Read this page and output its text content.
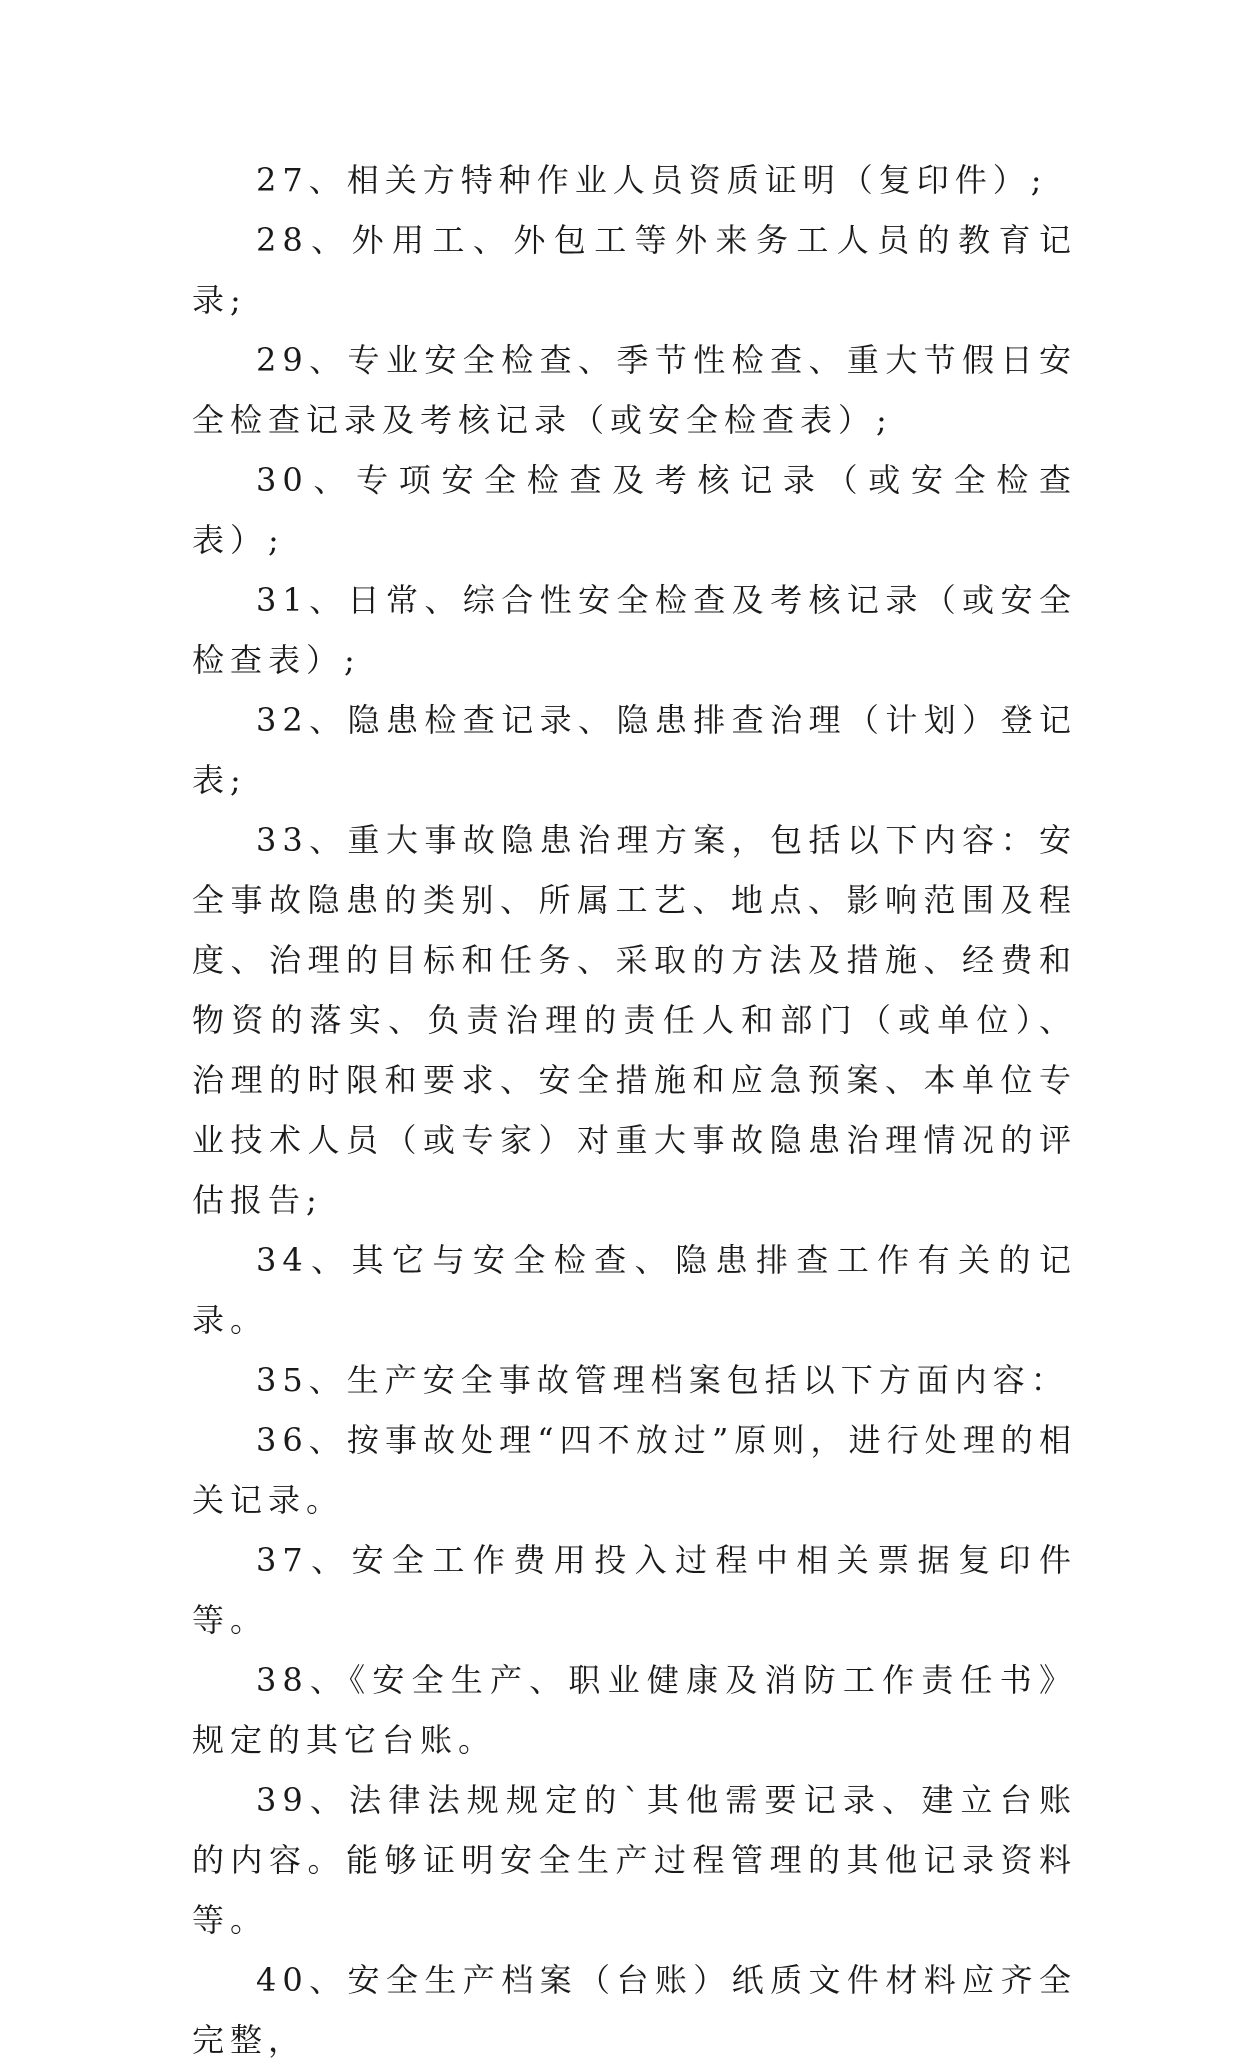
27、相关方特种作业人员资质证明（复印件）;

28、外用工、外包工等外来务工人员的教育记录;

29、专业安全检查、季节性检查、重大节假日安全检查记录及考核记录（或安全检查表）;

30、专项安全检查及考核记录（或安全检查表）;

31、日常、综合性安全检查及考核记录（或安全检查表）;

32、隐患检查记录、隐患排查治理（计划）登记表;

33、重大事故隐患治理方案，包括以下内容：安全事故隐患的类别、所属工艺、地点、影响范围及程度、治理的目标和任务、采取的方法及措施、经费和物资的落实、负责治理的责任人和部门（或单位）、治理的时限和要求、安全措施和应急预案、本单位专业技术人员（或专家）对重大事故隐患治理情况的评估报告;

34、其它与安全检查、隐患排查工作有关的记录。

35、生产安全事故管理档案包括以下方面内容：

36、按事故处理“四不放过”原则，进行处理的相关记录。

37、安全工作费用投入过程中相关票据复印件等。

38、《安全生产、职业健康及消防工作责任书》规定的其它台账。

39、法律法规规定的`其他需要记录、建立台账的内容。能够证明安全生产过程管理的其他记录资料等。

40、安全生产档案（台账）纸质文件材料应齐全完整，
